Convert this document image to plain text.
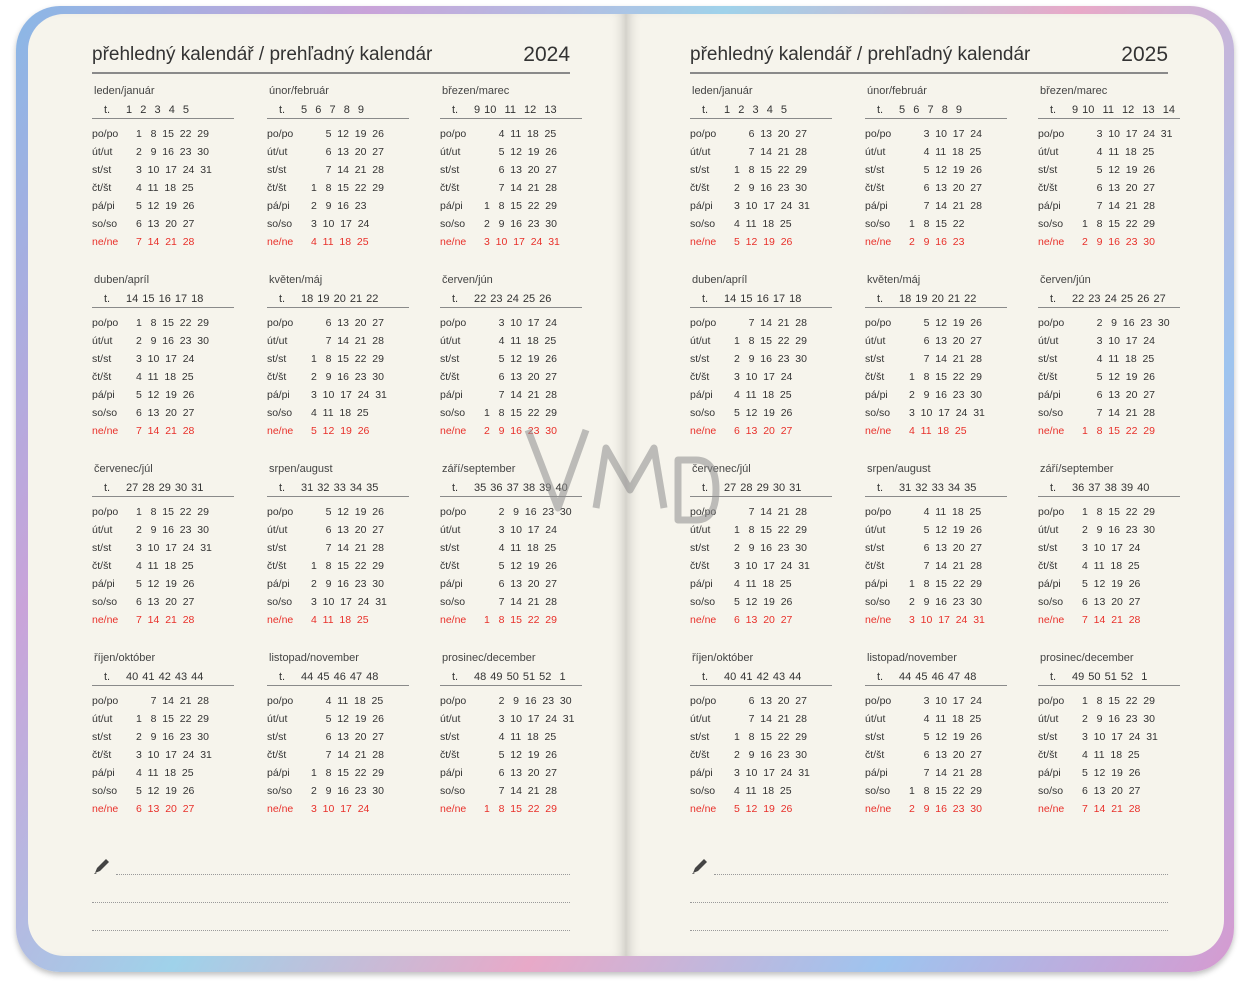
přehledný kalendář / prehľadný kalendár	2024	přehledný kalendář / prehľadný kalendár	2025
leden/január
t. 1  2  3  4  5
po/po 1   8  15  22  29
út/ut 2   9  16  23  30
st/st 3  10  17  24  31
čt/št 4  11  18  25
pá/pi 5  12  19  26
so/so 6  13  20  27
ne/ne 7  14  21  28
únor/február
t. 5  6  7  8  9
po/po 5  12  19  26
út/ut 6  13  20  27
st/st 7  14  21  28
čt/št 1   8  15  22  29
pá/pi 2   9  16  23
so/so 3  10  17  24
ne/ne 4  11  18  25
březen/marec
t. 9 10  11  12  13
po/po 4  11  18  25
út/ut 5  12  19  26
st/st 6  13  20  27
čt/št 7  14  21  28
pá/pi 1   8  15  22  29
so/so 2   9  16  23  30
ne/ne 3  10  17  24  31
duben/apríl
t. 14 15 16 17 18
po/po 1   8  15  22  29
út/ut 2   9  16  23  30
st/st 3  10  17  24
čt/št 4  11  18  25
pá/pi 5  12  19  26
so/so 6  13  20  27
ne/ne 7  14  21  28
květen/máj
t. 18 19 20 21 22
po/po 6  13  20  27
út/ut 7  14  21  28
st/st 1   8  15  22  29
čt/št 2   9  16  23  30
pá/pi 3  10  17  24  31
so/so 4  11  18  25
ne/ne 5  12  19  26
červen/jún
t. 22 23 24 25 26
po/po 3  10  17  24
út/ut 4  11  18  25
st/st 5  12  19  26
čt/št 6  13  20  27
pá/pi 7  14  21  28
so/so 1   8  15  22  29
ne/ne 2   9  16  23  30
červenec/júl
t. 27 28 29 30 31
po/po 1   8  15  22  29
út/ut 2   9  16  23  30
st/st 3  10  17  24  31
čt/št 4  11  18  25
pá/pi 5  12  19  26
so/so 6  13  20  27
ne/ne 7  14  21  28
srpen/august
t. 31 32 33 34 35
po/po 5  12  19  26
út/ut 6  13  20  27
st/st 7  14  21  28
čt/št 1   8  15  22  29
pá/pi 2   9  16  23  30
so/so 3  10  17  24  31
ne/ne 4  11  18  25
září/september
t. 35 36 37 38 39 40
po/po 2   9  16  23  30
út/ut 3  10  17  24
st/st 4  11  18  25
čt/št 5  12  19  26
pá/pi 6  13  20  27
so/so 7  14  21  28
ne/ne 1   8  15  22  29
říjen/október
t. 40 41 42 43 44
po/po 7  14  21  28
út/ut 1   8  15  22  29
st/st 2   9  16  23  30
čt/št 3  10  17  24  31
pá/pi 4  11  18  25
so/so 5  12  19  26
ne/ne 6  13  20  27
listopad/november
t. 44 45 46 47 48
po/po 4  11  18  25
út/ut 5  12  19  26
st/st 6  13  20  27
čt/št 7  14  21  28
pá/pi 1   8  15  22  29
so/so 2   9  16  23  30
ne/ne 3  10  17  24
prosinec/december
t. 48 49 50 51 52  1
po/po 2   9  16  23  30
út/ut 3  10  17  24  31
st/st 4  11  18  25
čt/št 5  12  19  26
pá/pi 6  13  20  27
so/so 7  14  21  28
ne/ne 1   8  15  22  29
leden/január
t. 1  2  3  4  5
po/po 6  13  20  27
út/ut 7  14  21  28
st/st 1   8  15  22  29
čt/št 2   9  16  23  30
pá/pi 3  10  17  24  31
so/so 4  11  18  25
ne/ne 5  12  19  26
únor/február
t. 5  6  7  8  9
po/po 3  10  17  24
út/ut 4  11  18  25
st/st 5  12  19  26
čt/št 6  13  20  27
pá/pi 7  14  21  28
so/so 1   8  15  22
ne/ne 2   9  16  23
březen/marec
t. 9 10  11  12  13  14
po/po 3  10  17  24  31
út/ut 4  11  18  25
st/st 5  12  19  26
čt/št 6  13  20  27
pá/pi 7  14  21  28
so/so 1   8  15  22  29
ne/ne 2   9  16  23  30
duben/apríl
t. 14 15 16 17 18
po/po 7  14  21  28
út/ut 1   8  15  22  29
st/st 2   9  16  23  30
čt/št 3  10  17  24
pá/pi 4  11  18  25
so/so 5  12  19  26
ne/ne 6  13  20  27
květen/máj
t. 18 19 20 21 22
po/po 5  12  19  26
út/ut 6  13  20  27
st/st 7  14  21  28
čt/št 1   8  15  22  29
pá/pi 2   9  16  23  30
so/so 3  10  17  24  31
ne/ne 4  11  18  25
červen/jún
t. 22 23 24 25 26 27
po/po 2   9  16  23  30
út/ut 3  10  17  24
st/st 4  11  18  25
čt/št 5  12  19  26
pá/pi 6  13  20  27
so/so 7  14  21  28
ne/ne 1   8  15  22  29
červenec/júl
t. 27 28 29 30 31
po/po 7  14  21  28
út/ut 1   8  15  22  29
st/st 2   9  16  23  30
čt/št 3  10  17  24  31
pá/pi 4  11  18  25
so/so 5  12  19  26
ne/ne 6  13  20  27
srpen/august
t. 31 32 33 34 35
po/po 4  11  18  25
út/ut 5  12  19  26
st/st 6  13  20  27
čt/št 7  14  21  28
pá/pi 1   8  15  22  29
so/so 2   9  16  23  30
ne/ne 3  10  17  24  31
září/september
t. 36 37 38 39 40
po/po 1   8  15  22  29
út/ut 2   9  16  23  30
st/st 3  10  17  24
čt/št 4  11  18  25
pá/pi 5  12  19  26
so/so 6  13  20  27
ne/ne 7  14  21  28
říjen/október
t. 40 41 42 43 44
po/po 6  13  20  27
út/ut 7  14  21  28
st/st 1   8  15  22  29
čt/št 2   9  16  23  30
pá/pi 3  10  17  24  31
so/so 4  11  18  25
ne/ne 5  12  19  26
listopad/november
t. 44 45 46 47 48
po/po 3  10  17  24
út/ut 4  11  18  25
st/st 5  12  19  26
čt/št 6  13  20  27
pá/pi 7  14  21  28
so/so 1   8  15  22  29
ne/ne 2   9  16  23  30
prosinec/december
t. 49 50 51 52  1
po/po 1   8  15  22  29
út/ut 2   9  16  23  30
st/st 3  10  17  24  31
čt/št 4  11  18  25
pá/pi 5  12  19  26
so/so 6  13  20  27
ne/ne 7  14  21  28
